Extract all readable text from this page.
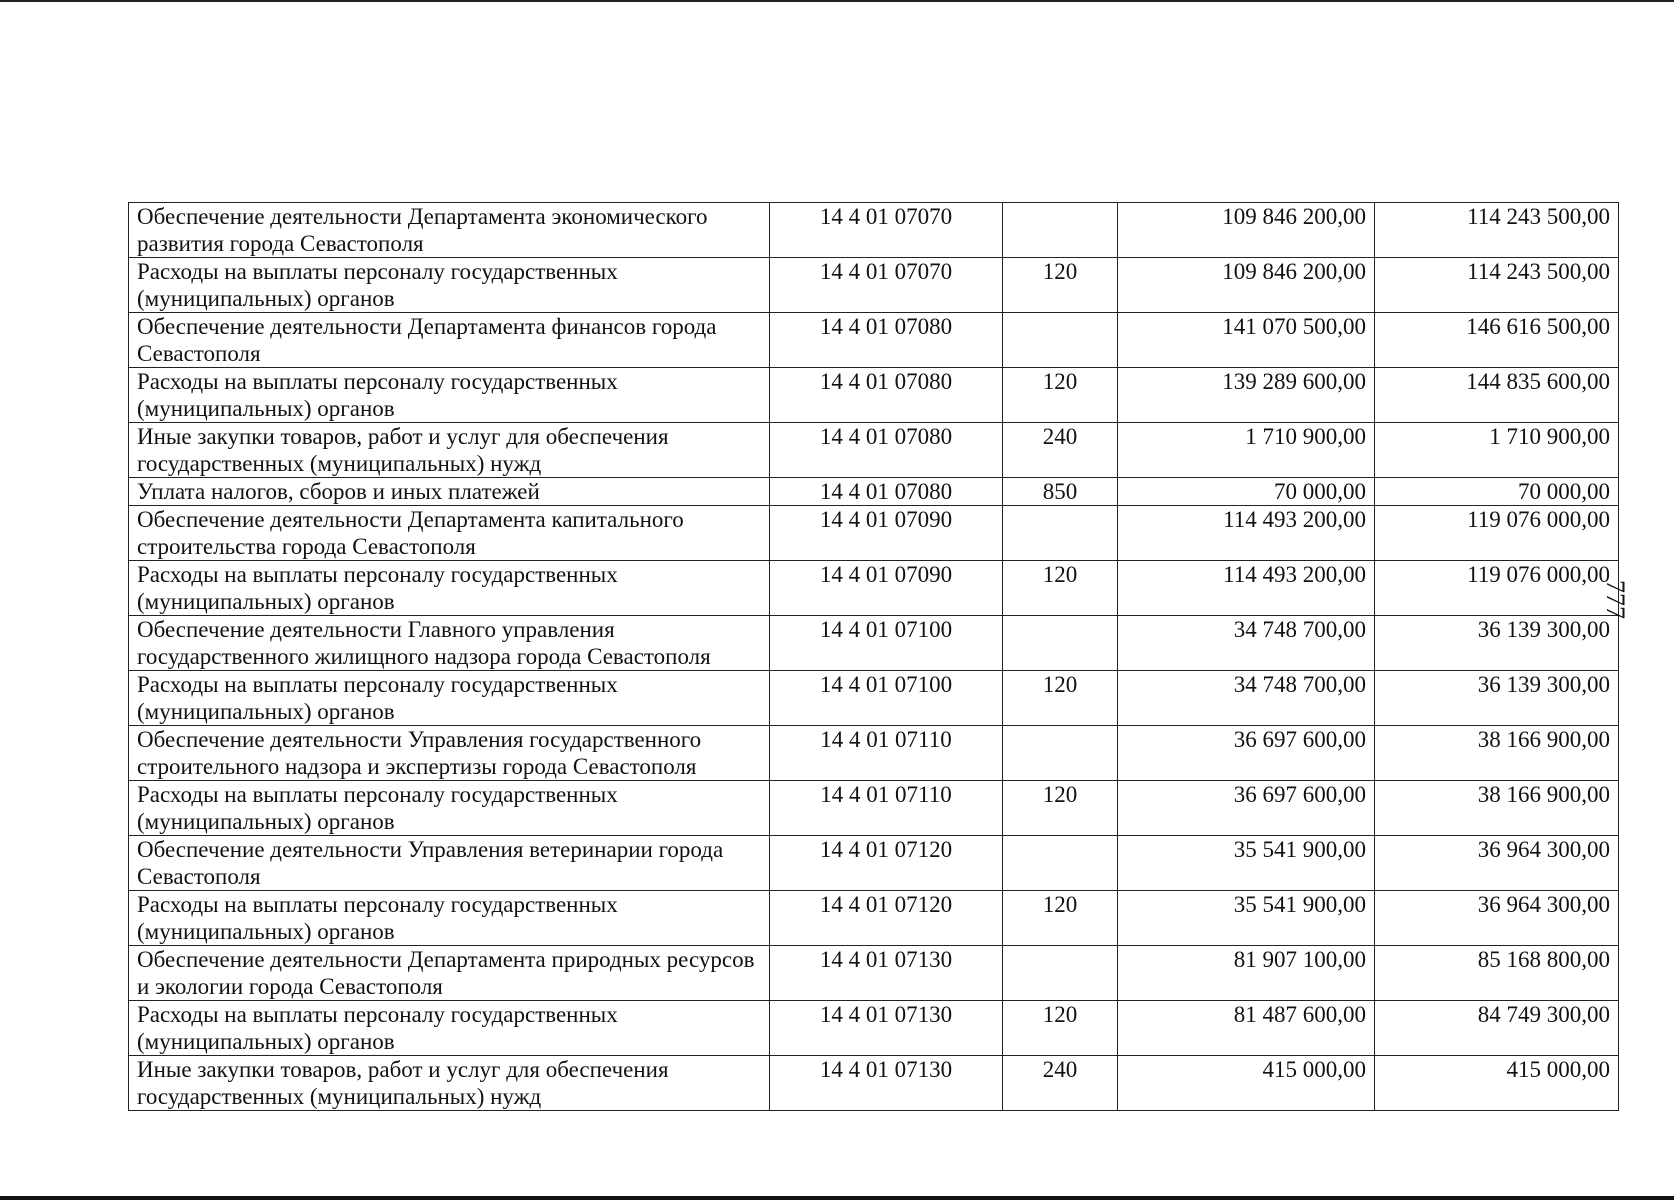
Обеспечение деятельности Департамента экономического развития города Севастополя	14 4 01 07070		109 846 200,00	114 243 500,00
Расходы на выплаты персоналу государственных (муниципальных) органов	14 4 01 07070	120	109 846 200,00	114 243 500,00
Обеспечение деятельности Департамента финансов города Севастополя	14 4 01 07080		141 070 500,00	146 616 500,00
Расходы на выплаты персоналу государственных (муниципальных) органов	14 4 01 07080	120	139 289 600,00	144 835 600,00
Иные закупки товаров, работ и услуг для обеспечения государственных (муниципальных) нужд	14 4 01 07080	240	1 710 900,00	1 710 900,00
Уплата налогов, сборов и иных платежей	14 4 01 07080	850	70 000,00	70 000,00
Обеспечение деятельности Департамента капитального строительства города Севастополя	14 4 01 07090		114 493 200,00	119 076 000,00
Расходы на выплаты персоналу государственных (муниципальных) органов	14 4 01 07090	120	114 493 200,00	119 076 000,00
Обеспечение деятельности Главного управления государственного жилищного надзора города Севастополя	14 4 01 07100		34 748 700,00	36 139 300,00
Расходы на выплаты персоналу государственных (муниципальных) органов	14 4 01 07100	120	34 748 700,00	36 139 300,00
Обеспечение деятельности Управления государственного строительного надзора и экспертизы города Севастополя	14 4 01 07110		36 697 600,00	38 166 900,00
Расходы на выплаты персоналу государственных (муниципальных) органов	14 4 01 07110	120	36 697 600,00	38 166 900,00
Обеспечение деятельности Управления ветеринарии города Севастополя	14 4 01 07120		35 541 900,00	36 964 300,00
Расходы на выплаты персоналу государственных (муниципальных) органов	14 4 01 07120	120	35 541 900,00	36 964 300,00
Обеспечение деятельности Департамента природных ресурсов и экологии города Севастополя	14 4 01 07130		81 907 100,00	85 168 800,00
Расходы на выплаты персоналу государственных (муниципальных) органов	14 4 01 07130	120	81 487 600,00	84 749 300,00
Иные закупки товаров, работ и услуг для обеспечения государственных (муниципальных) нужд	14 4 01 07130	240	415 000,00	415 000,00
777
